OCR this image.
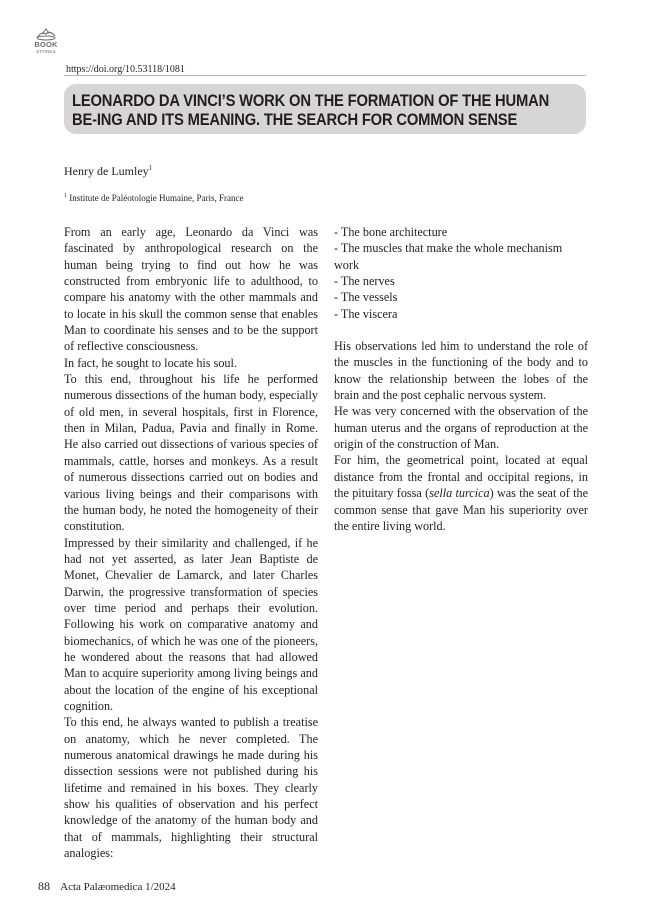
BOOK
STONES
https://doi.org/10.53118/1081
LEONARDO DA VINCI’S WORK ON THE FORMATION OF THE HUMAN BE-ING AND ITS MEANING. THE SEARCH FOR COMMON SENSE
Henry de Lumley$^1$
$^1$ Institute de Paléotologie Humaine, Paris, France

From an early age, Leonardo da Vinci was fascinated by anthropological research on the human being trying to find out how he was constructed from embryonic life to adulthood, to compare his anatomy with the other mammals and to locate in his skull the common sense that enables Man to coordinate his senses and to be the support of reflective consciousness.

In fact, he sought to locate his soul.

To this end, throughout his life he performed numerous dissections of the human body, especially of old men, in several hospitals, first in Florence, then in Milan, Padua, Pavia and finally in Rome. He also carried out dissections of various species of mammals, cattle, horses and monkeys. As a result of numerous dissections carried out on bodies and various living beings and their comparisons with the human body, he noted the homogeneity of their constitution.

Impressed by their similarity and challenged, if he had not yet asserted, as later Jean Baptiste de Monet, Chevalier de Lamarck, and later Charles Darwin, the progressive transformation of species over time period and perhaps their evolution. Following his work on comparative anatomy and biomechanics, of which he was one of the pioneers, he wondered about the reasons that had allowed Man to acquire superiority among living beings and about the location of the engine of his exceptional cognition.

To this end, he always wanted to publish a treatise on anatomy, which he never completed. The numerous anatomical drawings he made during his dissection sessions were not published during his lifetime and remained in his boxes. They clearly show his qualities of observation and his perfect knowledge of the anatomy of the human body and that of mammals, highlighting their structural analogies:

- The bone architecture
- The muscles that make the whole mechanism work
- The nerves
- The vessels
- The viscera

His observations led him to understand the role of the muscles in the functioning of the body and to know the relationship between the lobes of the brain and the post cephalic nervous system.

He was very concerned with the observation of the human uterus and the organs of reproduction at the origin of the construction of Man.

For him, the geometrical point, located at equal distance from the frontal and occipital regions, in the pituitary fossa (sella turcica) was the seat of the common sense that gave Man his superiority over the entire living world.

88 Acta Palæomedica 1/2024
